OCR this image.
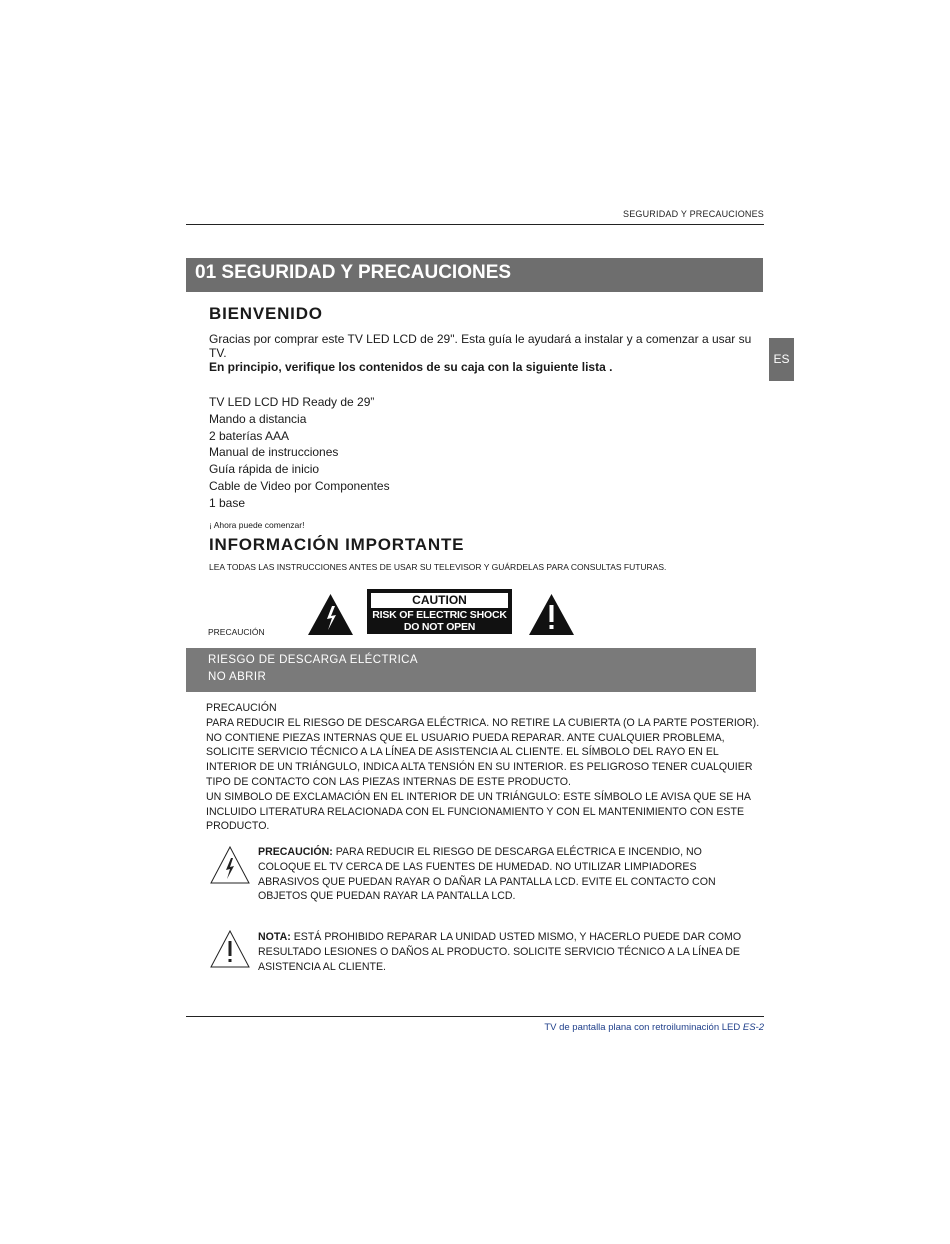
SEGURIDAD Y PRECAUCIONES
01 SEGURIDAD Y PRECAUCIONES
ES
BIENVENIDO
Gracias por comprar este TV LED LCD de 29". Esta guía le ayudará a instalar y a comenzar a usar su TV.
En principio, verifique los contenidos de su caja con la siguiente lista .
TV LED LCD HD Ready de 29”
Mando a distancia
2 baterías AAA
Manual de instrucciones
Guía rápida de inicio
Cable de Video por Componentes
1 base
¡ Ahora puede comenzar!
INFORMACIÓN IMPORTANTE
LEA TODAS LAS INSTRUCCIONES ANTES DE USAR SU TELEVISOR Y GUÁRDELAS PARA CONSULTAS FUTURAS.
PRECAUCIÓN
CAUTION
RISK OF ELECTRIC SHOCK
DO NOT OPEN
RIESGO DE DESCARGA ELÉCTRICA
NO ABRIR
PRECAUCIÓN
PARA REDUCIR EL RIESGO DE DESCARGA ELÉCTRICA. NO RETIRE LA CUBIERTA (O LA PARTE POSTERIOR). NO CONTIENE PIEZAS INTERNAS QUE EL USUARIO PUEDA REPARAR. ANTE CUALQUIER PROBLEMA, SOLICITE SERVICIO TÉCNICO A LA LÍNEA DE ASISTENCIA AL CLIENTE. EL SÍMBOLO DEL RAYO EN EL INTERIOR DE UN TRIÁNGULO, INDICA ALTA TENSIÓN EN SU INTERIOR. ES PELIGROSO TENER CUALQUIER TIPO DE CONTACTO CON LAS PIEZAS INTERNAS DE ESTE PRODUCTO.
UN SIMBOLO DE EXCLAMACIÓN EN EL INTERIOR DE UN TRIÁNGULO: ESTE SÍMBOLO LE AVISA QUE SE HA INCLUIDO LITERATURA RELACIONADA CON EL FUNCIONAMIENTO Y CON EL MANTENIMIENTO CON ESTE PRODUCTO.
PRECAUCIÓN: PARA REDUCIR EL RIESGO DE DESCARGA ELÉCTRICA E INCENDIO, NO COLOQUE EL TV CERCA DE LAS FUENTES DE HUMEDAD. NO UTILIZAR LIMPIADORES ABRASIVOS QUE PUEDAN RAYAR O DAÑAR LA PANTALLA LCD. EVITE EL CONTACTO CON OBJETOS QUE PUEDAN RAYAR LA PANTALLA LCD.
NOTA: ESTÁ PROHIBIDO REPARAR LA UNIDAD USTED MISMO, Y HACERLO PUEDE DAR COMO RESULTADO LESIONES O DAÑOS AL PRODUCTO. SOLICITE SERVICIO TÉCNICO A LA LÍNEA DE ASISTENCIA AL CLIENTE.
TV de pantalla plana con retroiluminación LED ES-2
